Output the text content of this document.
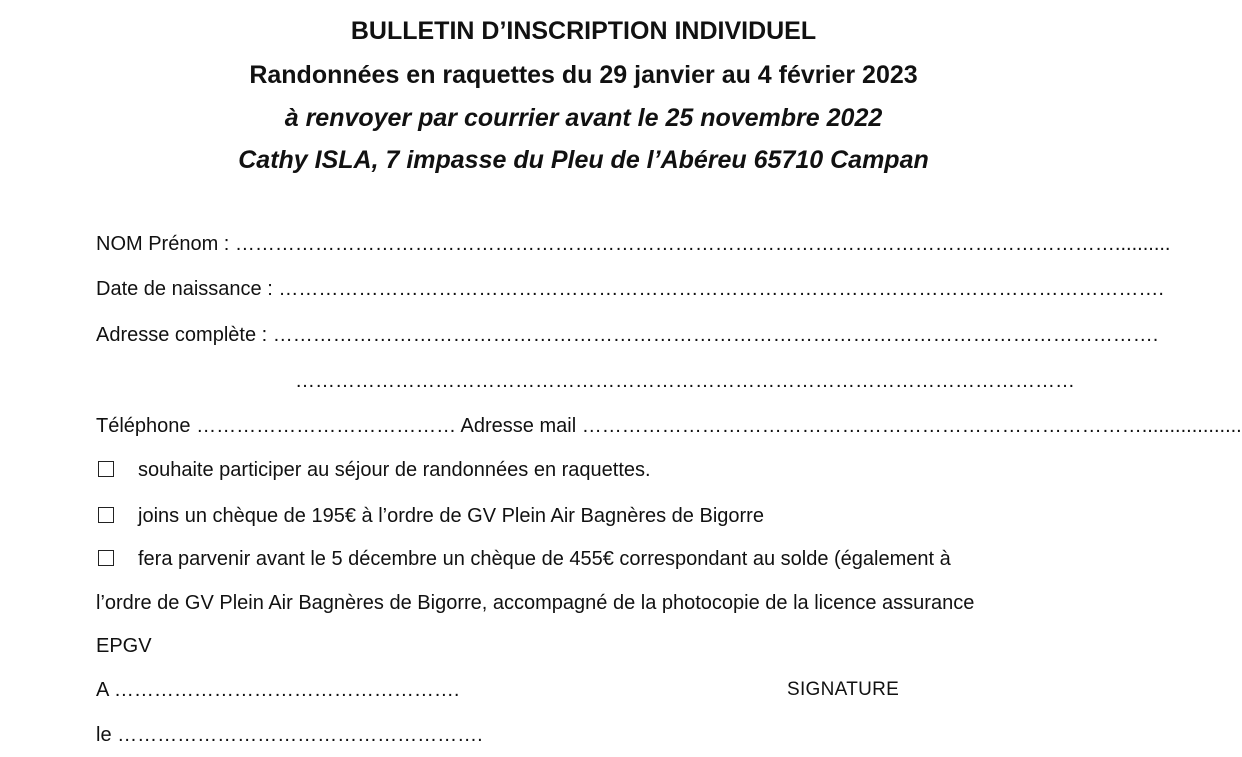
BULLETIN D’INSCRIPTION INDIVIDUEL
Randonnées en raquettes du 29 janvier au 4 février 2023
à renvoyer par courrier avant le 25 novembre 2022
Cathy ISLA, 7 impasse du Pleu de l’Abéreu 65710 Campan
NOM Prénom : ……………………………………………………………………………………………………………………..........
Date de naissance : …………………………………………………………………………………………………………………….
Adresse complète : …………………………………………………………………………………………………………………….
………………………………………………………………………………………………………
Téléphone ………………………………… Adresse mail …………………………………………………………………………..................
souhaite participer au séjour de randonnées en raquettes.
joins un chèque de 195€ à l’ordre de GV Plein Air Bagnères de Bigorre
fera parvenir avant le 5 décembre un chèque de 455€ correspondant au solde (également à
l’ordre de GV Plein Air Bagnères de Bigorre, accompagné de la photocopie de la licence assurance
EPGV
A …………………………………………….	SIGNATURE
le ……………………………………………….
